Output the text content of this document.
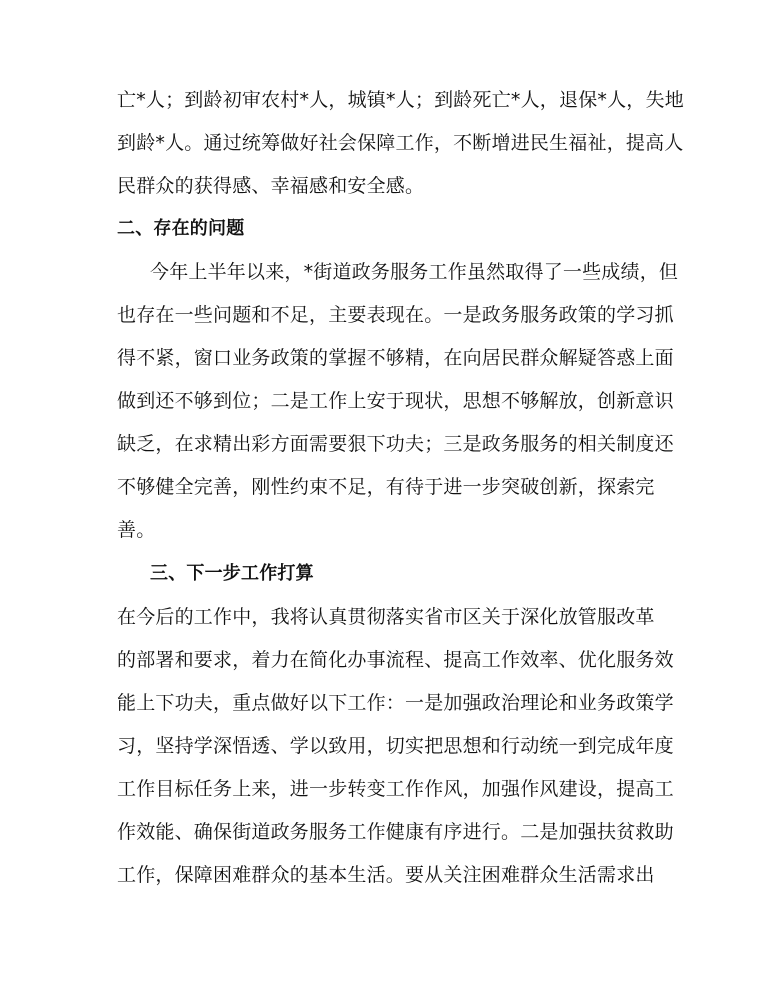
亡*人；到龄初审农村*人，城镇*人；到龄死亡*人，退保*人，失地
到龄*人。通过统筹做好社会保障工作，不断增进民生福祉，提高人
民群众的获得感、幸福感和安全感。
二、存在的问题
今年上半年以来，*街道政务服务工作虽然取得了一些成绩，但
也存在一些问题和不足，主要表现在。一是政务服务政策的学习抓
得不紧，窗口业务政策的掌握不够精，在向居民群众解疑答惑上面
做到还不够到位；二是工作上安于现状，思想不够解放，创新意识
缺乏，在求精出彩方面需要狠下功夫；三是政务服务的相关制度还
不够健全完善，刚性约束不足，有待于进一步突破创新，探索完
善。
三、下一步工作打算
在今后的工作中，我将认真贯彻落实省市区关于深化放管服改革
的部署和要求，着力在简化办事流程、提高工作效率、优化服务效
能上下功夫，重点做好以下工作：一是加强政治理论和业务政策学
习，坚持学深悟透、学以致用，切实把思想和行动统一到完成年度
工作目标任务上来，进一步转变工作作风，加强作风建设，提高工
作效能、确保街道政务服务工作健康有序进行。二是加强扶贫救助
工作，保障困难群众的基本生活。要从关注困难群众生活需求出
